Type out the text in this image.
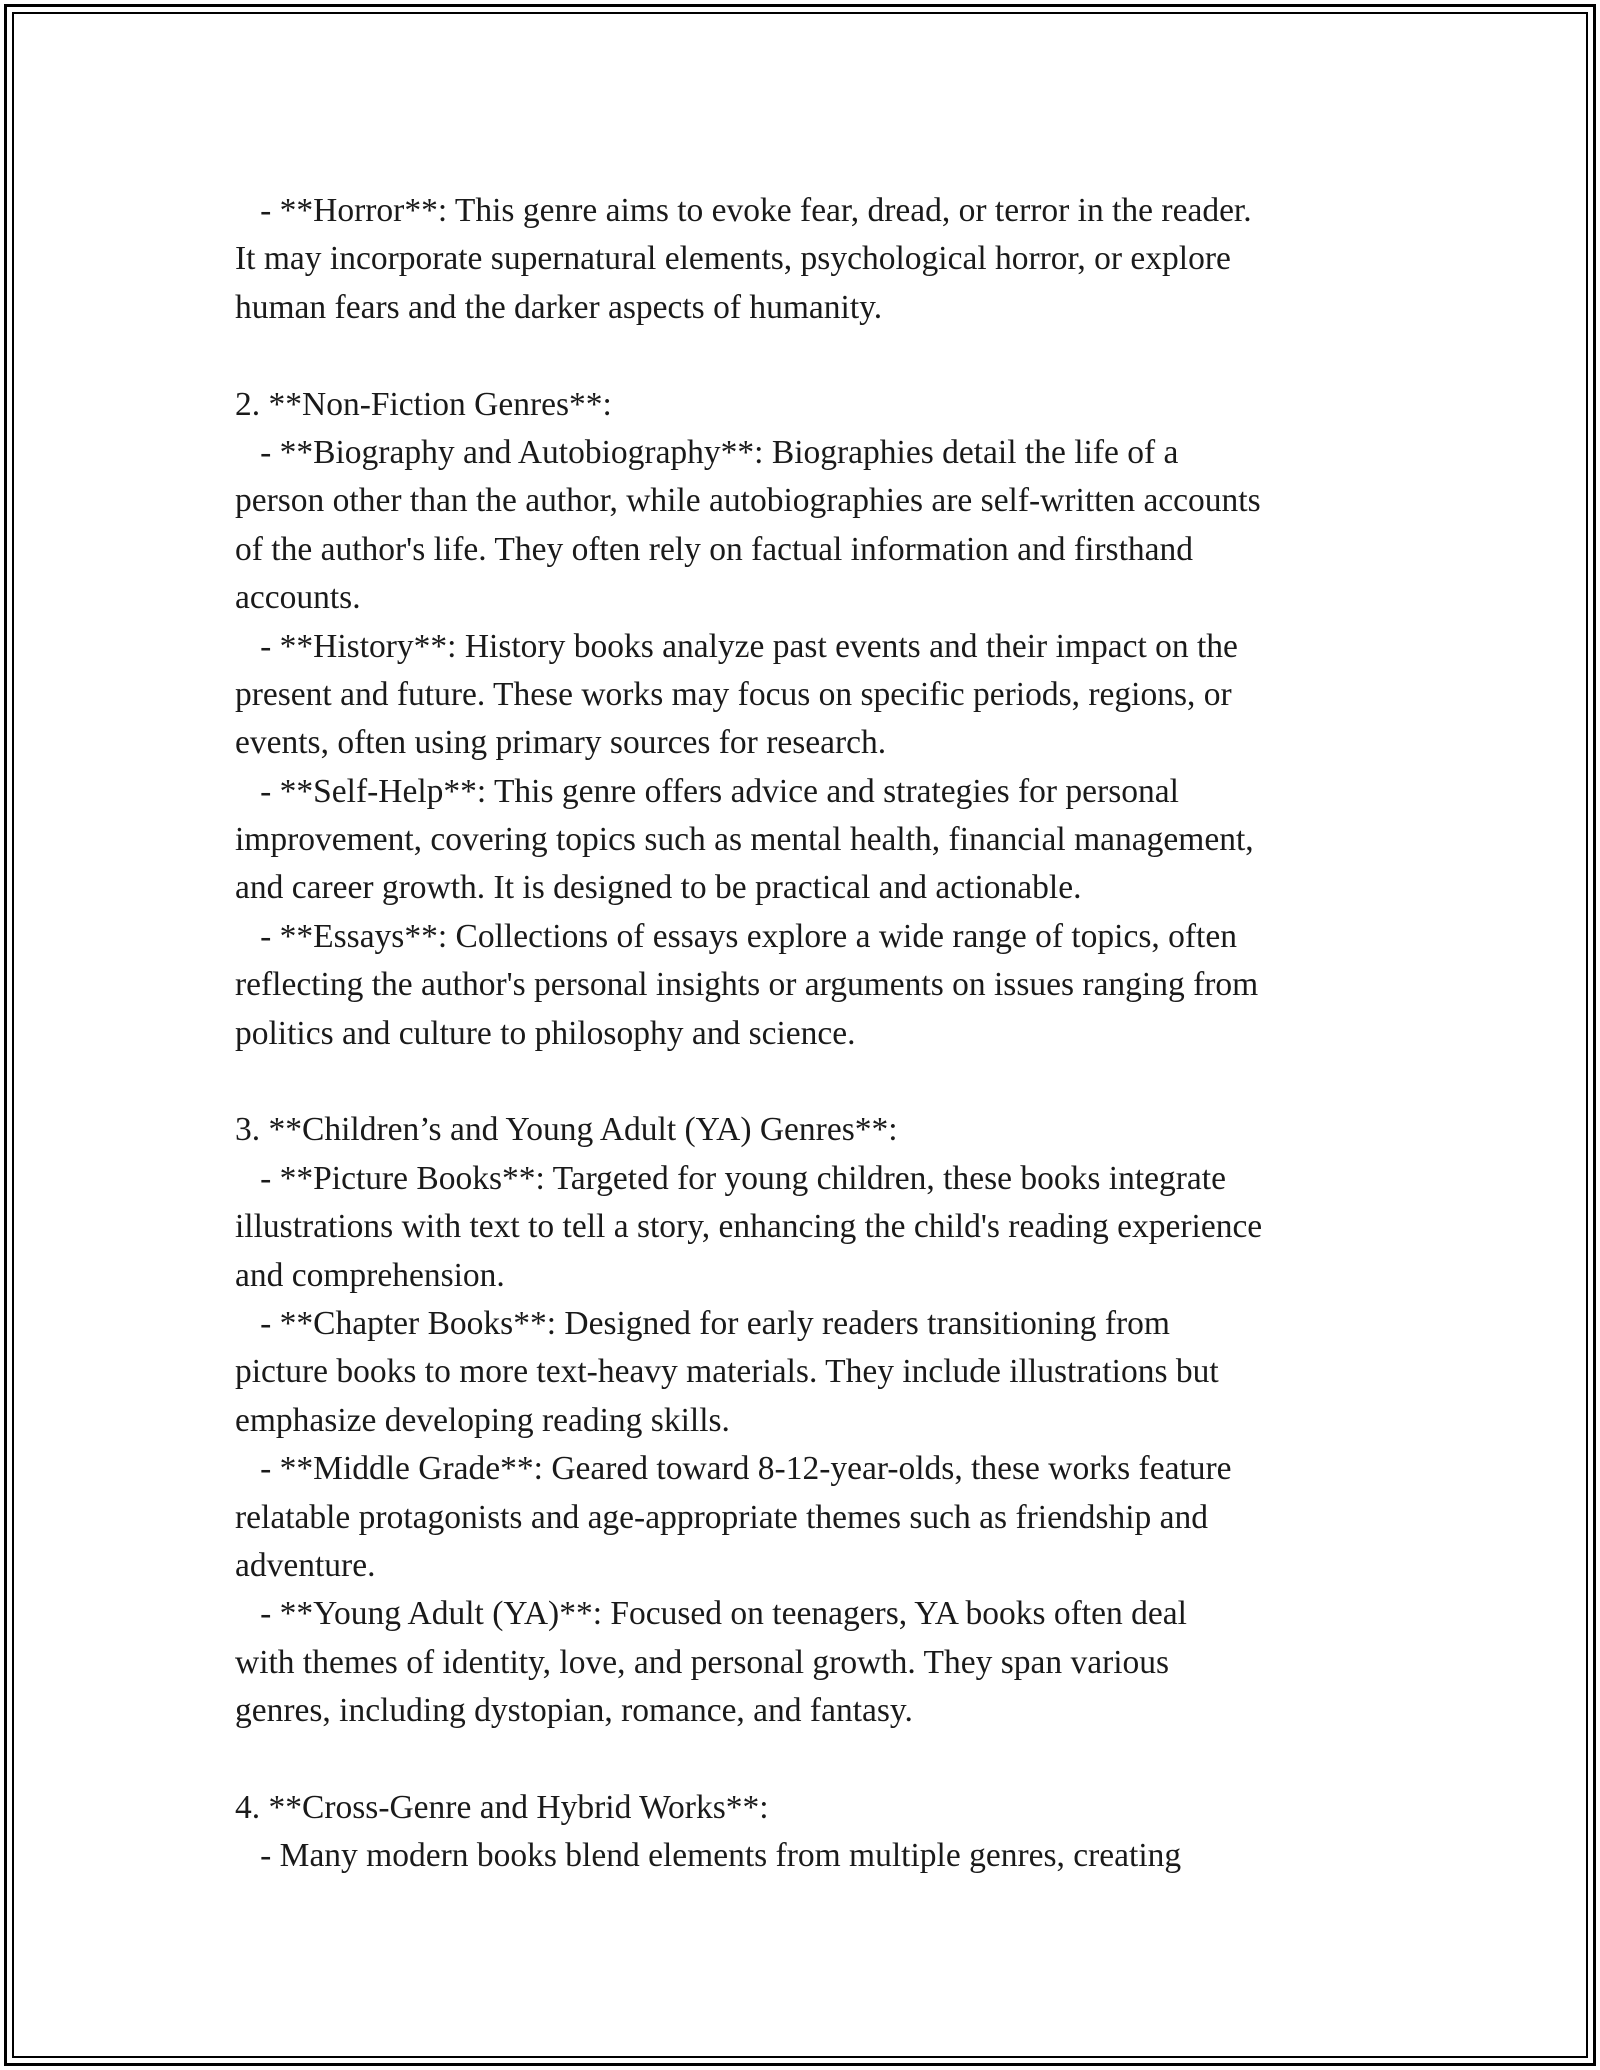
- **Horror**: This genre aims to evoke fear, dread, or terror in the reader.
It may incorporate supernatural elements, psychological horror, or explore
human fears and the darker aspects of humanity.
2. **Non-Fiction Genres**:
- **Biography and Autobiography**: Biographies detail the life of a
person other than the author, while autobiographies are self-written accounts
of the author's life. They often rely on factual information and firsthand
accounts.
- **History**: History books analyze past events and their impact on the
present and future. These works may focus on specific periods, regions, or
events, often using primary sources for research.
- **Self-Help**: This genre offers advice and strategies for personal
improvement, covering topics such as mental health, financial management,
and career growth. It is designed to be practical and actionable.
- **Essays**: Collections of essays explore a wide range of topics, often
reflecting the author's personal insights or arguments on issues ranging from
politics and culture to philosophy and science.
3. **Children’s and Young Adult (YA) Genres**:
- **Picture Books**: Targeted for young children, these books integrate
illustrations with text to tell a story, enhancing the child's reading experience
and comprehension.
- **Chapter Books**: Designed for early readers transitioning from
picture books to more text-heavy materials. They include illustrations but
emphasize developing reading skills.
- **Middle Grade**: Geared toward 8-12-year-olds, these works feature
relatable protagonists and age-appropriate themes such as friendship and
adventure.
- **Young Adult (YA)**: Focused on teenagers, YA books often deal
with themes of identity, love, and personal growth. They span various
genres, including dystopian, romance, and fantasy.
4. **Cross-Genre and Hybrid Works**:
- Many modern books blend elements from multiple genres, creating
